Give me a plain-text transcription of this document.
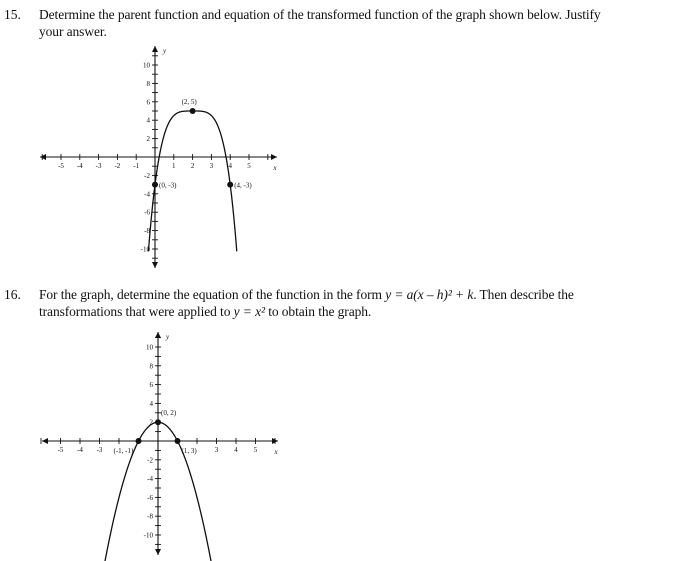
15. Determine the parent function and equation of the transformed function of the graph shown below. Justify
your answer.
x
y
-5 -4 -3 -2 -1	1 2 3 4 5
10
8
6
4
2
-2
-4
-6
-8
-10
(2, 5)
(0, -3)	(4, -3)
16. For the graph, determine the equation of the function in the form y = a(x – h)² + k. Then describe the
transformations that were applied to y = x² to obtain the graph.
x
y
-5 -4 -3	3 4 5
10
8
6
4
2
-2
-4
-6
-8
-10
(0, 2)
(-1, -1)	(1, 3)
